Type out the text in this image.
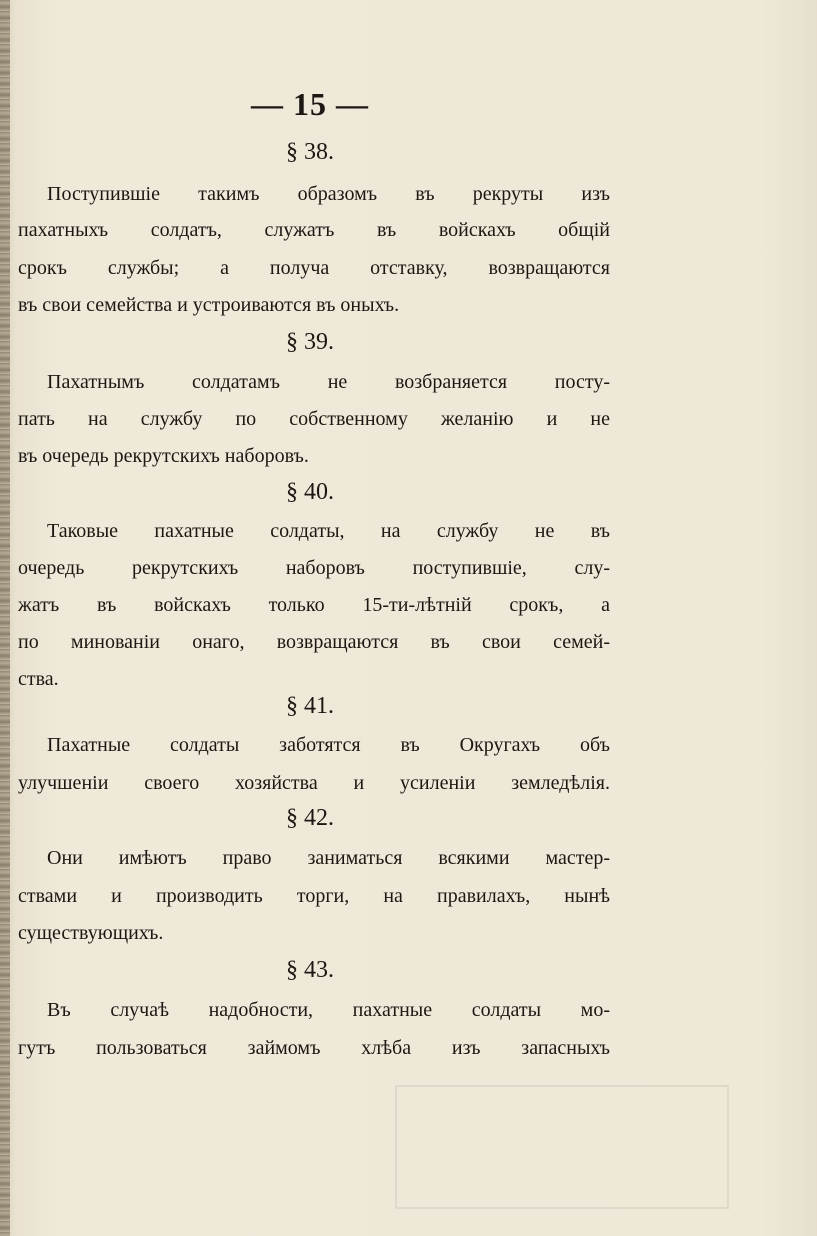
— 15 —
§ 38.
Поступившіе такимъ образомъ въ рекруты изъ
пахатныхъ солдатъ, служатъ въ войскахъ общій
срокъ службы; а получа отставку, возвращаются
въ свои семейства и устроиваются въ оныхъ.
§ 39.
Пахатнымъ солдатамъ не возбраняется посту-
пать на службу по собственному желанію и не
въ очередь рекрутскихъ наборовъ.
§ 40.
Таковые пахатные солдаты, на службу не въ
очередь рекрутскихъ наборовъ поступившіе, слу-
жатъ въ войскахъ только 15-ти-лѣтній срокъ, а
по минованіи онаго, возвращаются въ свои семей-
ства.
§ 41.
Пахатные солдаты заботятся въ Округахъ объ
улучшеніи своего хозяйства и усиленіи земледѣлія.
§ 42.
Они имѣютъ право заниматься всякими мастер-
ствами и производить торги, на правилахъ, нынѣ
существующихъ.
§ 43.
Въ случаѣ надобности, пахатные солдаты мо-
гутъ пользоваться займомъ хлѣба изъ запасныхъ
